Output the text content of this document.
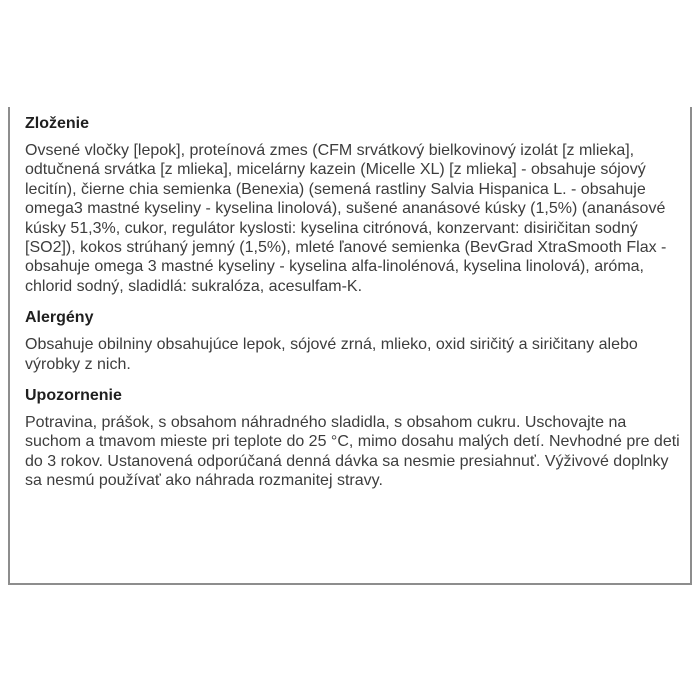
Zloženie

Ovsené vločky [lepok], proteínová zmes (CFM srvátkový bielkovinový izolát [z mlieka], odtučnená srvátka [z mlieka], micelárny kazein (Micelle XL) [z mlieka] - obsahuje sójový lecitín), čierne chia semienka (Benexia) (semená rastliny Salvia Hispanica L. - obsahuje omega3 mastné kyseliny - kyselina linolová), sušené ananásové kúsky (1,5%) (ananásové kúsky 51,3%, cukor, regulátor kyslosti: kyselina citrónová, konzervant: disiričitan sodný [SO2]), kokos strúhaný jemný (1,5%), mleté ľanové semienka (BevGrad XtraSmooth Flax - obsahuje omega 3 mastné kyseliny - kyselina alfa-linolénová, kyselina linolová), aróma, chlorid sodný, sladidlá: sukralóza, acesulfam-K.

Alergény

Obsahuje obilniny obsahujúce lepok, sójové zrná, mlieko, oxid siričitý a siričitany alebo výrobky z nich.

Upozornenie

Potravina, prášok, s obsahom náhradného sladidla, s obsahom cukru. Uschovajte na suchom a tmavom mieste pri teplote do 25 °C, mimo dosahu malých detí. Nevhodné pre deti do 3 rokov. Ustanovená odporúčaná denná dávka sa nesmie presiahnuť. Výživové doplnky sa nesmú používať ako náhrada rozmanitej stravy.
